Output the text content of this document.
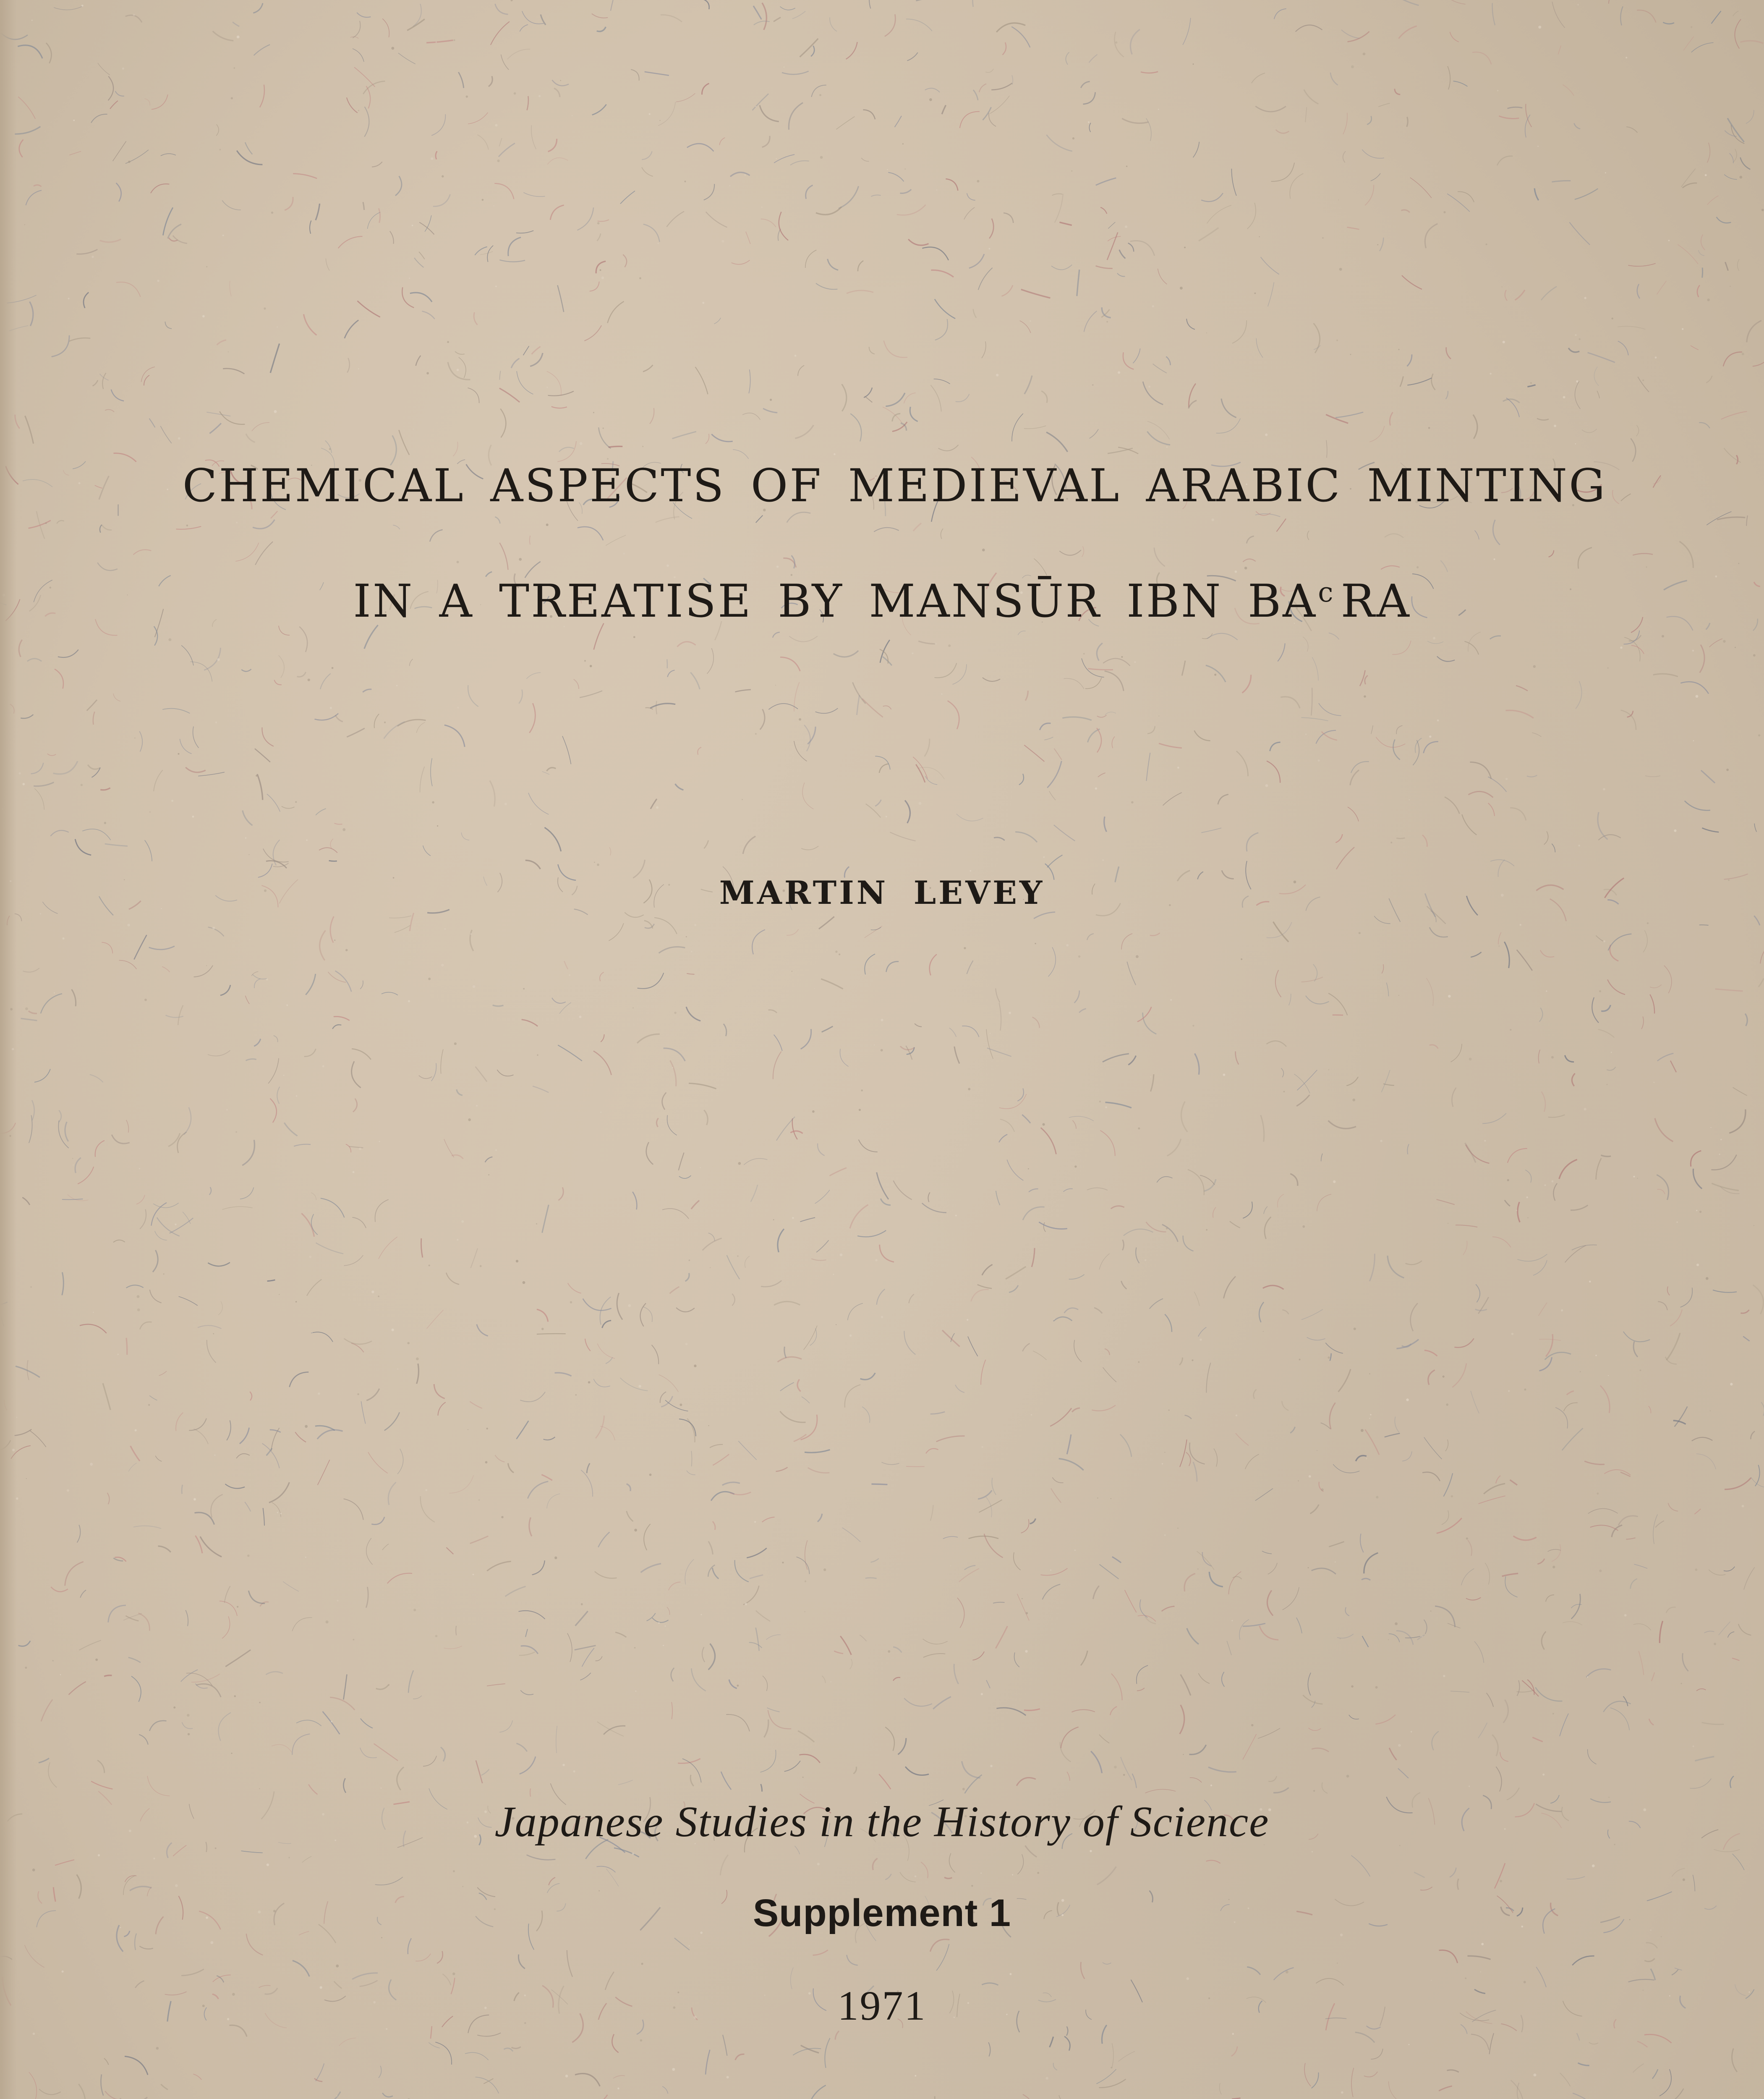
CHEMICAL ASPECTS OF MEDIEVAL ARABIC MINTING
IN A TREATISE BY MANSŪR IBN $BA^c$ RA
MARTIN LEVEY
Japanese Studies in the History of Science
Supplement 1
1971
